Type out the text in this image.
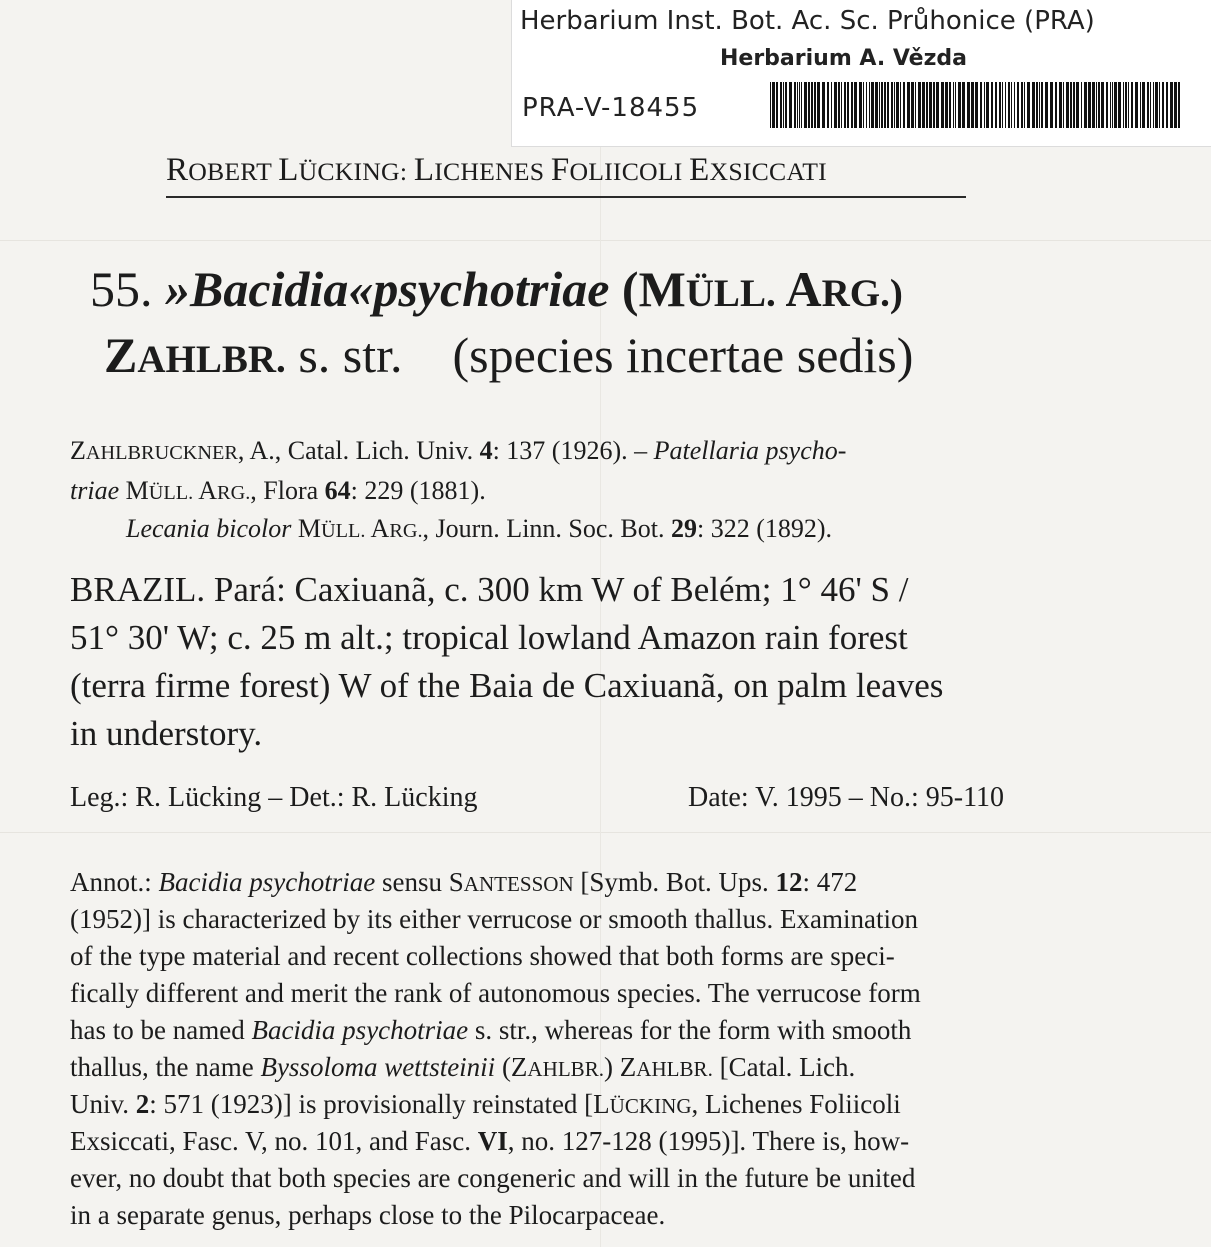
Herbarium Inst. Bot. Ac. Sc. Průhonice (PRA)
Herbarium A. Vězda
PRA-V-18455
ROBERT LÜCKING: LICHENES FOLIICOLI EXSICCATI
55. »Bacidia«psychotriae (MÜLL. ARG.)
ZAHLBR. s. str. (species incertae sedis)
ZAHLBRUCKNER, A., Catal. Lich. Univ. 4: 137 (1926). – Patellaria psycho-
triae MÜLL. ARG., Flora 64: 229 (1881).
Lecania bicolor MÜLL. ARG., Journ. Linn. Soc. Bot. 29: 322 (1892).
BRAZIL. Pará: Caxiuanã, c. 300 km W of Belém; 1° 46' S /
51° 30' W; c. 25 m alt.; tropical lowland Amazon rain forest
(terra firme forest) W of the Baia de Caxiuanã, on palm leaves
in understory.
Leg.: R. Lücking – Det.: R. Lücking	Date: V. 1995 – No.: 95-110
Annot.: Bacidia psychotriae sensu SANTESSON [Symb. Bot. Ups. 12: 472
(1952)] is characterized by its either verrucose or smooth thallus. Examination
of the type material and recent collections showed that both forms are speci-
fically different and merit the rank of autonomous species. The verrucose form
has to be named Bacidia psychotriae s. str., whereas for the form with smooth
thallus, the name Byssoloma wettsteinii (ZAHLBR.) ZAHLBR. [Catal. Lich.
Univ. 2: 571 (1923)] is provisionally reinstated [LÜCKING, Lichenes Foliicoli
Exsiccati, Fasc. V, no. 101, and Fasc. VI, no. 127-128 (1995)]. There is, how-
ever, no doubt that both species are congeneric and will in the future be united
in a separate genus, perhaps close to the Pilocarpaceae.
